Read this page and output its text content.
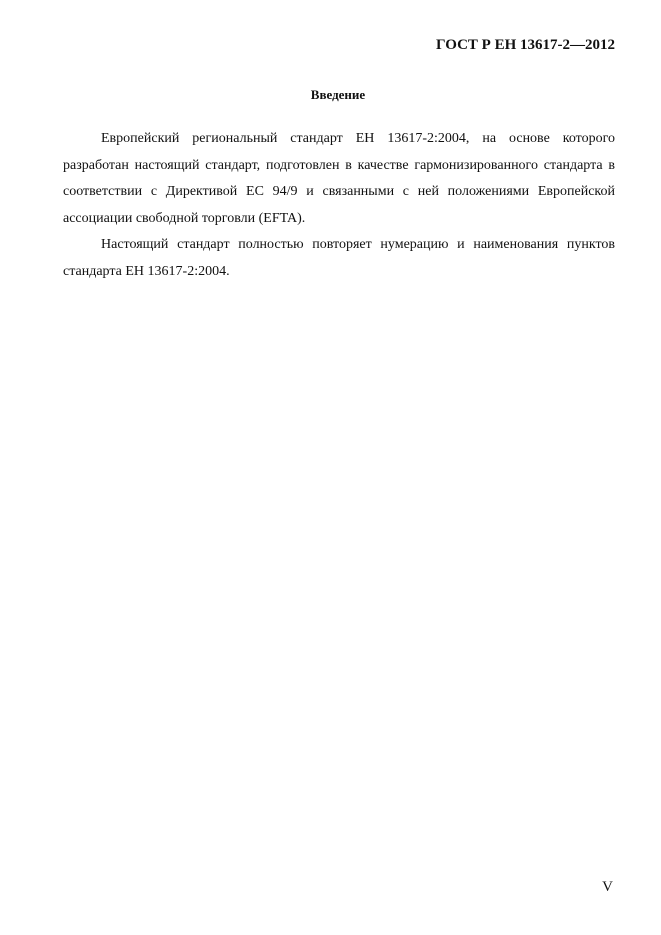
ГОСТ Р ЕН 13617-2—2012
Введение

Европейский региональный стандарт ЕН 13617-2:2004, на основе которого разработан настоящий стандарт, подготовлен в качестве гармонизированного стандарта в соответствии с Директивой ЕС 94/9 и связанными с ней положениями Европейской ассоциации свободной торговли (EFTA).

Настоящий стандарт полностью повторяет нумерацию и наименования пунктов стандарта ЕН 13617-2:2004.

V
